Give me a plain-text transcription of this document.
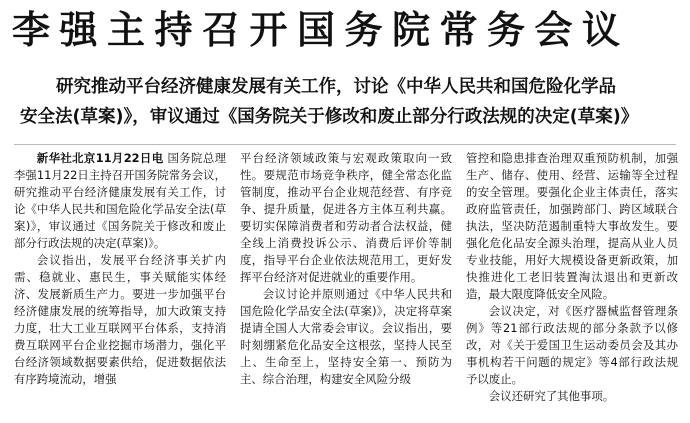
李强主持召开国务院常务会议
研究推动平台经济健康发展有关工作，讨论《中华人民共和国危险化学品
安全法(草案)》，审议通过《国务院关于修改和废止部分行政法规的决定(草案)》

新华社北京11月22日电 国务院总理李强11月22日主持召开国务院常务会议，研究推动平台经济健康发展有关工作，讨论《中华人民共和国危险化学品安全法(草案)》，审议通过《国务院关于修改和废止部分行政法规的决定(草案)》。

会议指出，发展平台经济事关扩内需、稳就业、惠民生，事关赋能实体经济、发展新质生产力。要进一步加强平台经济健康发展的统筹指导，加大政策支持力度，壮大工业互联网平台体系，支持消费互联网平台企业挖掘市场潜力，强化平台经济领域数据要素供给，促进数据依法有序跨境流动，增强

平台经济领域政策与宏观政策取向一致性。要规范市场竞争秩序，健全常态化监管制度，推动平台企业规范经营、有序竞争、提升质量，促进各方主体互利共赢。要切实保障消费者和劳动者合法权益，健全线上消费投诉公示、消费后评价等制度，指导平台企业依法规范用工，更好发挥平台经济对促进就业的重要作用。

会议讨论并原则通过《中华人民共和国危险化学品安全法(草案)》，决定将草案提请全国人大常委会审议。会议指出，要时刻绷紧危化品安全这根弦，坚持人民至上、生命至上，坚持安全第一、预防为主、综合治理，构建安全风险分级

管控和隐患排查治理双重预防机制，加强生产、储存、使用、经营、运输等全过程的安全管理。要强化企业主体责任，落实政府监管责任，加强跨部门、跨区域联合执法，坚决防范遏制重特大事故发生。要强化危化品安全源头治理，提高从业人员专业技能，用好大规模设备更新政策，加快推进化工老旧装置淘汰退出和更新改造，最大限度降低安全风险。

会议决定，对《医疗器械监督管理条例》等21部行政法规的部分条款予以修改，对《关于爱国卫生运动委员会及其办事机构若干问题的规定》等4部行政法规予以废止。

会议还研究了其他事项。
